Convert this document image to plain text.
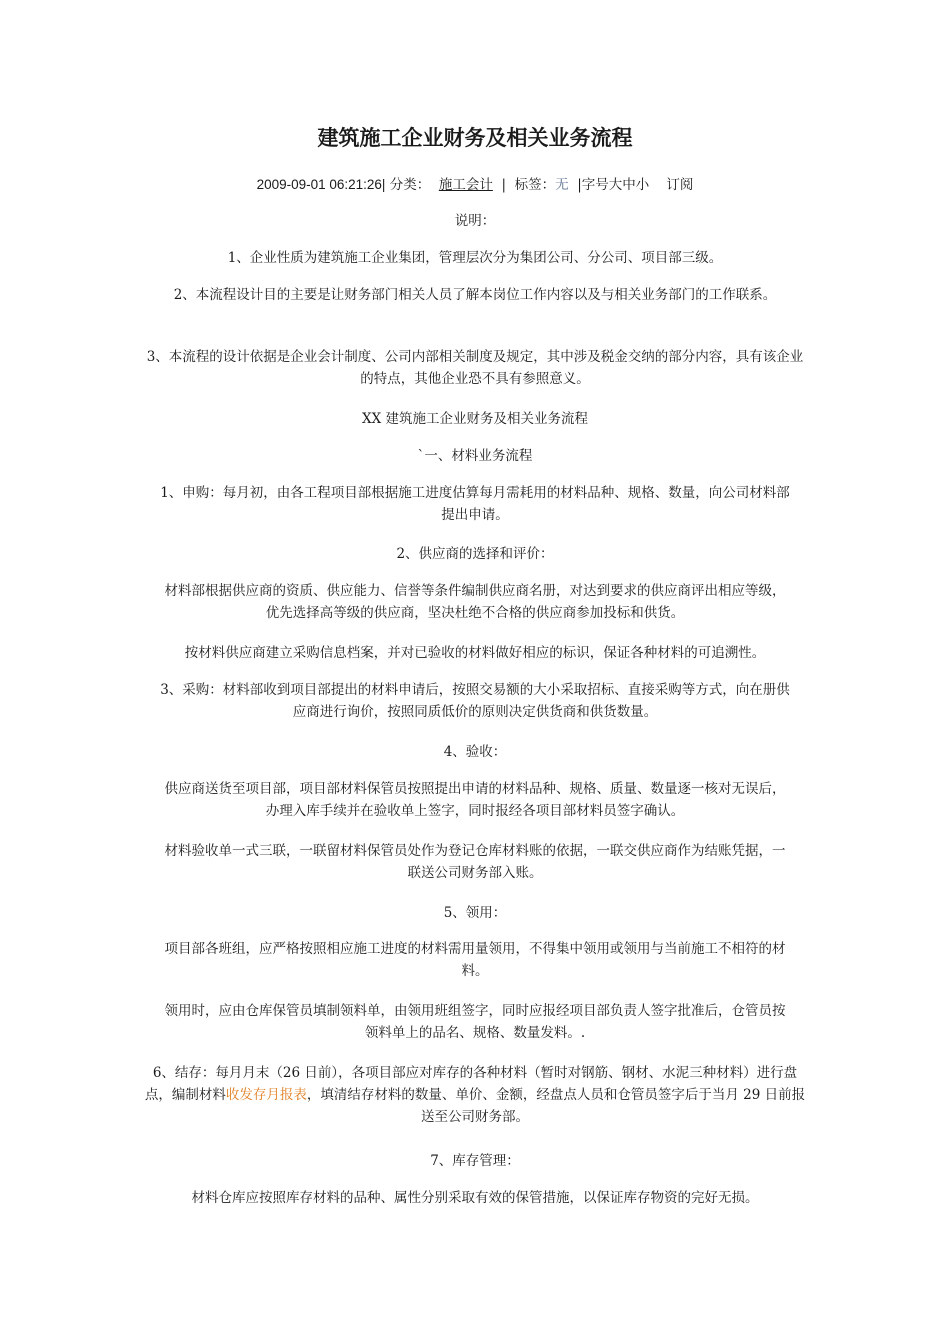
建筑施工企业财务及相关业务流程
2009-09-01 06:21:26| 分类： 施工会计 | 标签：无 |字号大中小 订阅
说明：
1、企业性质为建筑施工企业集团，管理层次分为集团公司、分公司、项目部三级。
2、本流程设计目的主要是让财务部门相关人员了解本岗位工作内容以及与相关业务部门的工作联系。
3、本流程的设计依据是企业会计制度、公司内部相关制度及规定，其中涉及税金交纳的部分内容，具有该企业的特点，其他企业恐不具有参照意义。
XX 建筑施工企业财务及相关业务流程
`一、材料业务流程
1、申购：每月初，由各工程项目部根据施工进度估算每月需耗用的材料品种、规格、数量，向公司材料部提出申请。
2、供应商的选择和评价：
材料部根据供应商的资质、供应能力、信誉等条件编制供应商名册，对达到要求的供应商评出相应等级，优先选择高等级的供应商，坚决杜绝不合格的供应商参加投标和供货。
按材料供应商建立采购信息档案，并对已验收的材料做好相应的标识，保证各种材料的可追溯性。
3、采购：材料部收到项目部提出的材料申请后，按照交易额的大小采取招标、直接采购等方式，向在册供应商进行询价，按照同质低价的原则决定供货商和供货数量。
4、验收：
供应商送货至项目部，项目部材料保管员按照提出申请的材料品种、规格、质量、数量逐一核对无误后，办理入库手续并在验收单上签字，同时报经各项目部材料员签字确认。
材料验收单一式三联，一联留材料保管员处作为登记仓库材料账的依据，一联交供应商作为结账凭据，一联送公司财务部入账。
5、领用：
项目部各班组，应严格按照相应施工进度的材料需用量领用，不得集中领用或领用与当前施工不相符的材料。
领用时，应由仓库保管员填制领料单，由领用班组签字，同时应报经项目部负责人签字批准后，仓管员按领料单上的品名、规格、数量发料。.
6、结存：每月月末（26 日前），各项目部应对库存的各种材料（暂时对钢筋、钢材、水泥三种材料）进行盘点，编制材料收发存月报表，填清结存材料的数量、单价、金额，经盘点人员和仓管员签字后于当月 29 日前报送至公司财务部。
7、库存管理：
材料仓库应按照库存材料的品种、属性分别采取有效的保管措施，以保证库存物资的完好无损。
